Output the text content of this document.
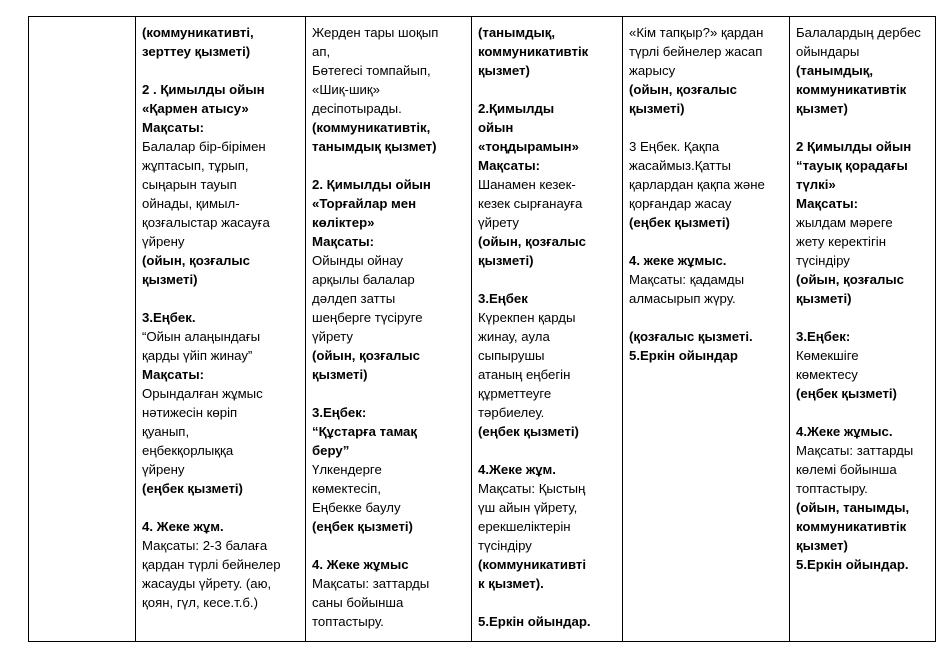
(коммуникативті,
зерттеу қызметі)
2 . Қимылды ойын
«Қармен атысу»
Мақсаты:
Балалар бір-бірімен
жұптасып, тұрып,
сыңарын тауып
ойнады, қимыл-
қозғалыстар жасауға
үйрену
(ойын, қозғалыс
қызметі)
3.Еңбек.
“Ойын алаңындағы
қарды үйіп жинау”
Мақсаты:
Орындалған жұмыс
нәтижесін көріп
қуанып,
еңбекқорлыққа
үйрену
(еңбек қызметі)
4. Жеке жұм.
Мақсаты: 2-3 балаға
қардан түрлі бейнелер
жасауды үйрету. (аю,
қоян, гүл, кесе.т.б.)
Жерден тары шоқып
ап,
Бөтегесі томпайып,
«Шиқ-шиқ»
десіпотырады.
(коммуникативтік,
танымдық қызмет)
2. Қимылды ойын
«Торғайлар мен
көліктер»
Мақсаты:
Ойынды ойнау
арқылы балалар
дәлдеп затты
шеңберге түсіруге
үйрету
(ойын, қозғалыс
қызметі)
3.Еңбек:
“Құстарға тамақ
беру”
Үлкендерге
көмектесіп,
Еңбекке баулу
(еңбек қызметі)
4. Жеке жұмыс
Мақсаты: заттарды
саны бойынша
топтастыру.
(танымдық,
коммуникативтік
қызмет)
2.Қимылды
ойын
«тоңдырамын»
Мақсаты:
Шанамен кезек-
кезек сырғанауға
үйрету
(ойын, қозғалыс
қызметі)
3.Еңбек
Күрекпен қарды
жинау, аула
сыпырушы
атаның еңбегін
құрметтеуге
тәрбиелеу.
(еңбек қызметі)
4.Жеке жұм.
Мақсаты: Қыстың
үш айын үйрету,
ерекшеліктерін
түсіндіру
(коммуникативті
к қызмет).
5.Еркін ойындар.
«Кім тапқыр?» қардан
түрлі бейнелер жасап
жарысу
(ойын, қозғалыс
қызметі)
3 Еңбек. Қақпа
жасаймыз.Қатты
қарлардан қақпа және
қорғандар жасау
(еңбек қызметі)
4. жеке жұмыс.
Мақсаты: қадамды
алмасырып жүру.
(қозғалыс қызметі.
5.Еркін ойындар
Балалардың дербес
ойындары
(танымдық,
коммуникативтік
қызмет)
2 Қимылды ойын
“тауық қорадағы
түлкі»
Мақсаты:
жылдам мәреге
жету керектігін
түсіндіру
(ойын, қозғалыс
қызметі)
3.Еңбек:
Көмекшіге
көмектесу
(еңбек қызметі)
4.Жеке жұмыс.
Мақсаты: заттарды
көлемі бойынша
топтастыру.
(ойын, танымды,
коммуникативтік
қызмет)
5.Еркін ойындар.
